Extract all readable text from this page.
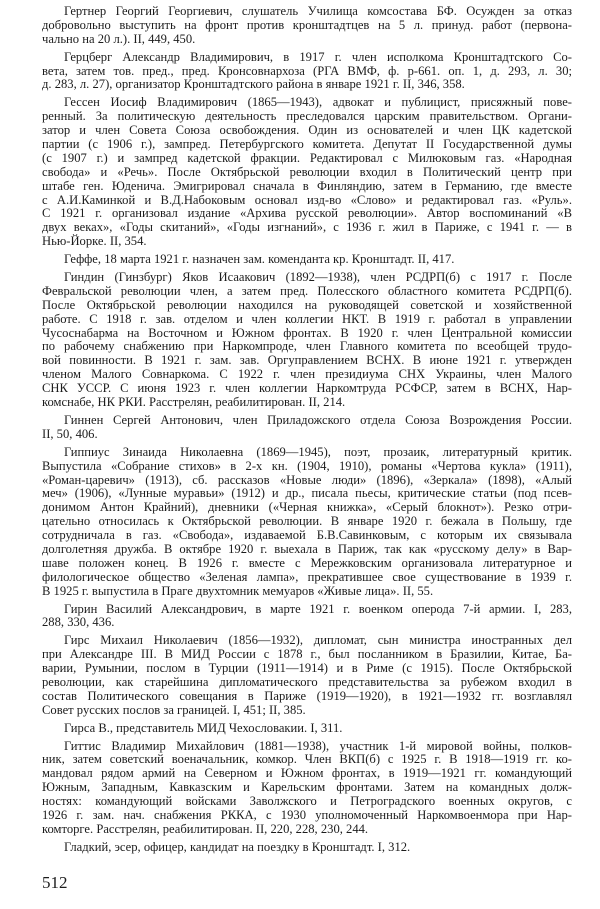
Гертнер Георгий Георгиевич, слушатель Училища комсостава БФ. Осужден за отказ
добровольно выступить на фронт против кронштадтцев на 5 л. принуд. работ (первона-
чально на 20 л.). II, 449, 450.
Герцберг Александр Владимирович, в 1917 г. член исполкома Кронштадтского Со-
вета, затем тов. пред., пред. Кронсовнархоза (РГА ВМФ, ф. р-661. оп. 1, д. 293, л. 30;
д. 283, л. 27), организатор Кронштадтского района в январе 1921 г. II, 346, 358.
Гессен Иосиф Владимирович (1865—1943), адвокат и публицист, присяжный пове-
ренный. За политическую деятельность преследовался царским правительством. Органи-
затор и член Совета Союза освобождения. Один из основателей и член ЦК кадетской
партии (с 1906 г.), зампред. Петербургского комитета. Депутат II Государственной думы
(с 1907 г.) и зампред кадетской фракции. Редактировал с Милюковым газ. «Народная
свобода» и «Речь». После Октябрьской революции входил в Политический центр при
штабе ген. Юденича. Эмигрировал сначала в Финляндию, затем в Германию, где вместе
с А.И.Каминкой и В.Д.Набоковым основал изд-во «Слово» и редактировал газ. «Руль».
С 1921 г. организовал издание «Архива русской революции». Автор воспоминаний «В
двух веках», «Годы скитаний», «Годы изгнаний», с 1936 г. жил в Париже, с 1941 г. — в
Нью-Йорке. II, 354.
Геффе, 18 марта 1921 г. назначен зам. коменданта кр. Кронштадт. II, 417.
Гиндин (Гинзбург) Яков Исаакович (1892—1938), член РСДРП(б) с 1917 г. После
Февральской революции член, а затем пред. Полесского областного комитета РСДРП(б).
После Октябрьской революции находился на руководящей советской и хозяйственной
работе. С 1918 г. зав. отделом и член коллегии НКТ. В 1919 г. работал в управлении
Чусоснабарма на Восточном и Южном фронтах. В 1920 г. член Центральной комиссии
по рабочему снабжению при Наркомпроде, член Главного комитета по всеобщей трудо-
вой повинности. В 1921 г. зам. зав. Оргуправлением ВСНХ. В июне 1921 г. утвержден
членом Малого Совнаркома. С 1922 г. член президиума СНХ Украины, член Малого
СНК УССР. С июня 1923 г. член коллегии Наркомтруда РСФСР, затем в ВСНХ, Нар-
комснабе, НК РКИ. Расстрелян, реабилитирован. II, 214.
Гиннен Сергей Антонович, член Приладожского отдела Союза Возрождения России.
II, 50, 406.
Гиппиус Зинаида Николаевна (1869—1945), поэт, прозаик, литературный критик.
Выпустила «Собрание стихов» в 2-х кн. (1904, 1910), романы «Чертова кукла» (1911),
«Роман-царевич» (1913), сб. рассказов «Новые люди» (1896), «Зеркала» (1898), «Алый
меч» (1906), «Лунные муравьи» (1912) и др., писала пьесы, критические статьи (под псев-
донимом Антон Крайний), дневники («Черная книжка», «Серый блокнот»). Резко отри-
цательно относилась к Октябрьской революции. В январе 1920 г. бежала в Польшу, где
сотрудничала в газ. «Свобода», издаваемой Б.В.Савинковым, с которым их связывала
долголетняя дружба. В октябре 1920 г. выехала в Париж, так как «русскому делу» в Вар-
шаве положен конец. В 1926 г. вместе с Мережковским организовала литературное и
филологическое общество «Зеленая лампа», прекратившее свое существование в 1939 г.
В 1925 г. выпустила в Праге двухтомник мемуаров «Живые лица». II, 55.
Гирин Василий Александрович, в марте 1921 г. военком оперода 7-й армии. I, 283,
288, 330, 436.
Гирс Михаил Николаевич (1856—1932), дипломат, сын министра иностранных дел
при Александре III. В МИД России с 1878 г., был посланником в Бразилии, Китае, Ба-
варии, Румынии, послом в Турции (1911—1914) и в Риме (с 1915). После Октябрьской
революции, как старейшина дипломатического представительства за рубежом входил в
состав Политического совещания в Париже (1919—1920), в 1921—1932 гг. возглавлял
Совет русских послов за границей. I, 451; II, 385.
Гирса В., представитель МИД Чехословакии. I, 311.
Гиттис Владимир Михайлович (1881—1938), участник 1-й мировой войны, полков-
ник, затем советский военачальник, комкор. Член ВКП(б) с 1925 г. В 1918—1919 гг. ко-
мандовал рядом армий на Северном и Южном фронтах, в 1919—1921 гг. командующий
Южным, Западным, Кавказским и Карельским фронтами. Затем на командных долж-
ностях: командующий войсками Заволжского и Петроградского военных округов, с
1926 г. зам. нач. снабжения РККА, с 1930 уполномоченный Наркомвоенмора при Нар-
комторге. Расстрелян, реабилитирован. II, 220, 228, 230, 244.
Гладкий, эсер, офицер, кандидат на поездку в Кронштадт. I, 312.
512
